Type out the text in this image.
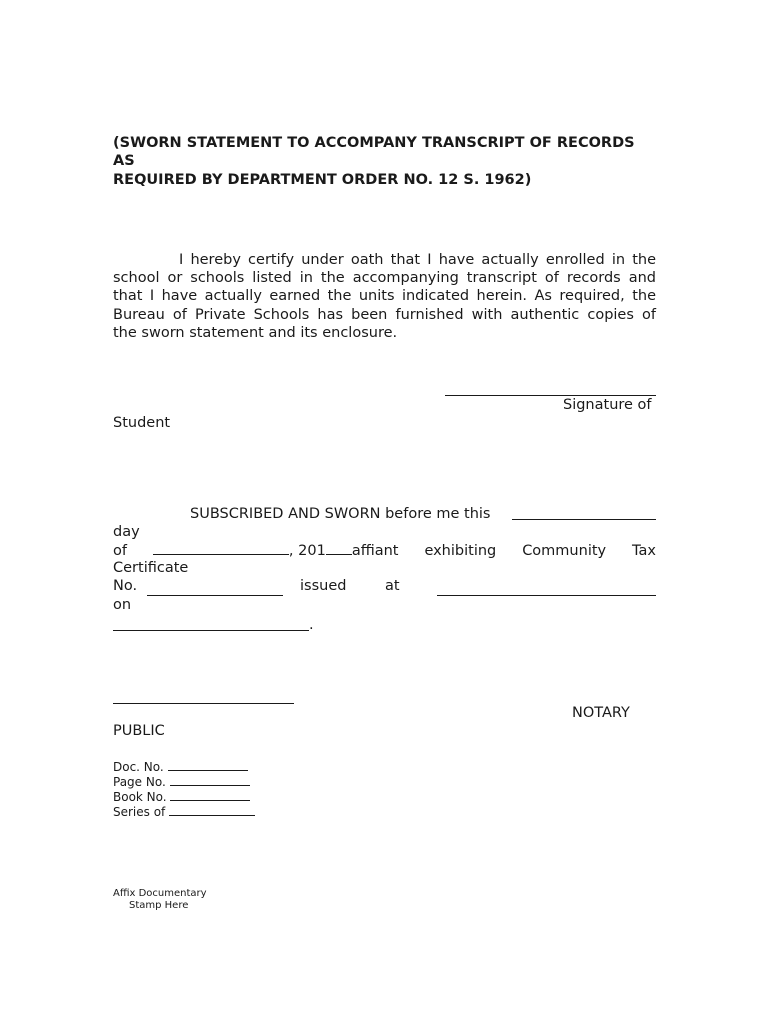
(SWORN STATEMENT TO ACCOMPANY TRANSCRIPT OF RECORDS
AS
REQUIRED BY DEPARTMENT ORDER NO. 12 S. 1962)
I hereby certify under oath that I have actually enrolled in the
school or schools listed in the accompanying transcript of records and
that I have actually earned the units indicated herein. As required, the
Bureau of Private Schools has been furnished with authentic copies of
the sworn statement and its enclosure.
Signature of
Student
SUBSCRIBED AND SWORN before me this
day
of	, 201 affiant exhibiting Community Tax
Certificate
No.	issued	at
on
.
NOTARY
PUBLIC
Doc. No.
Page No.
Book No.
Series of
Affix Documentary
Stamp Here
